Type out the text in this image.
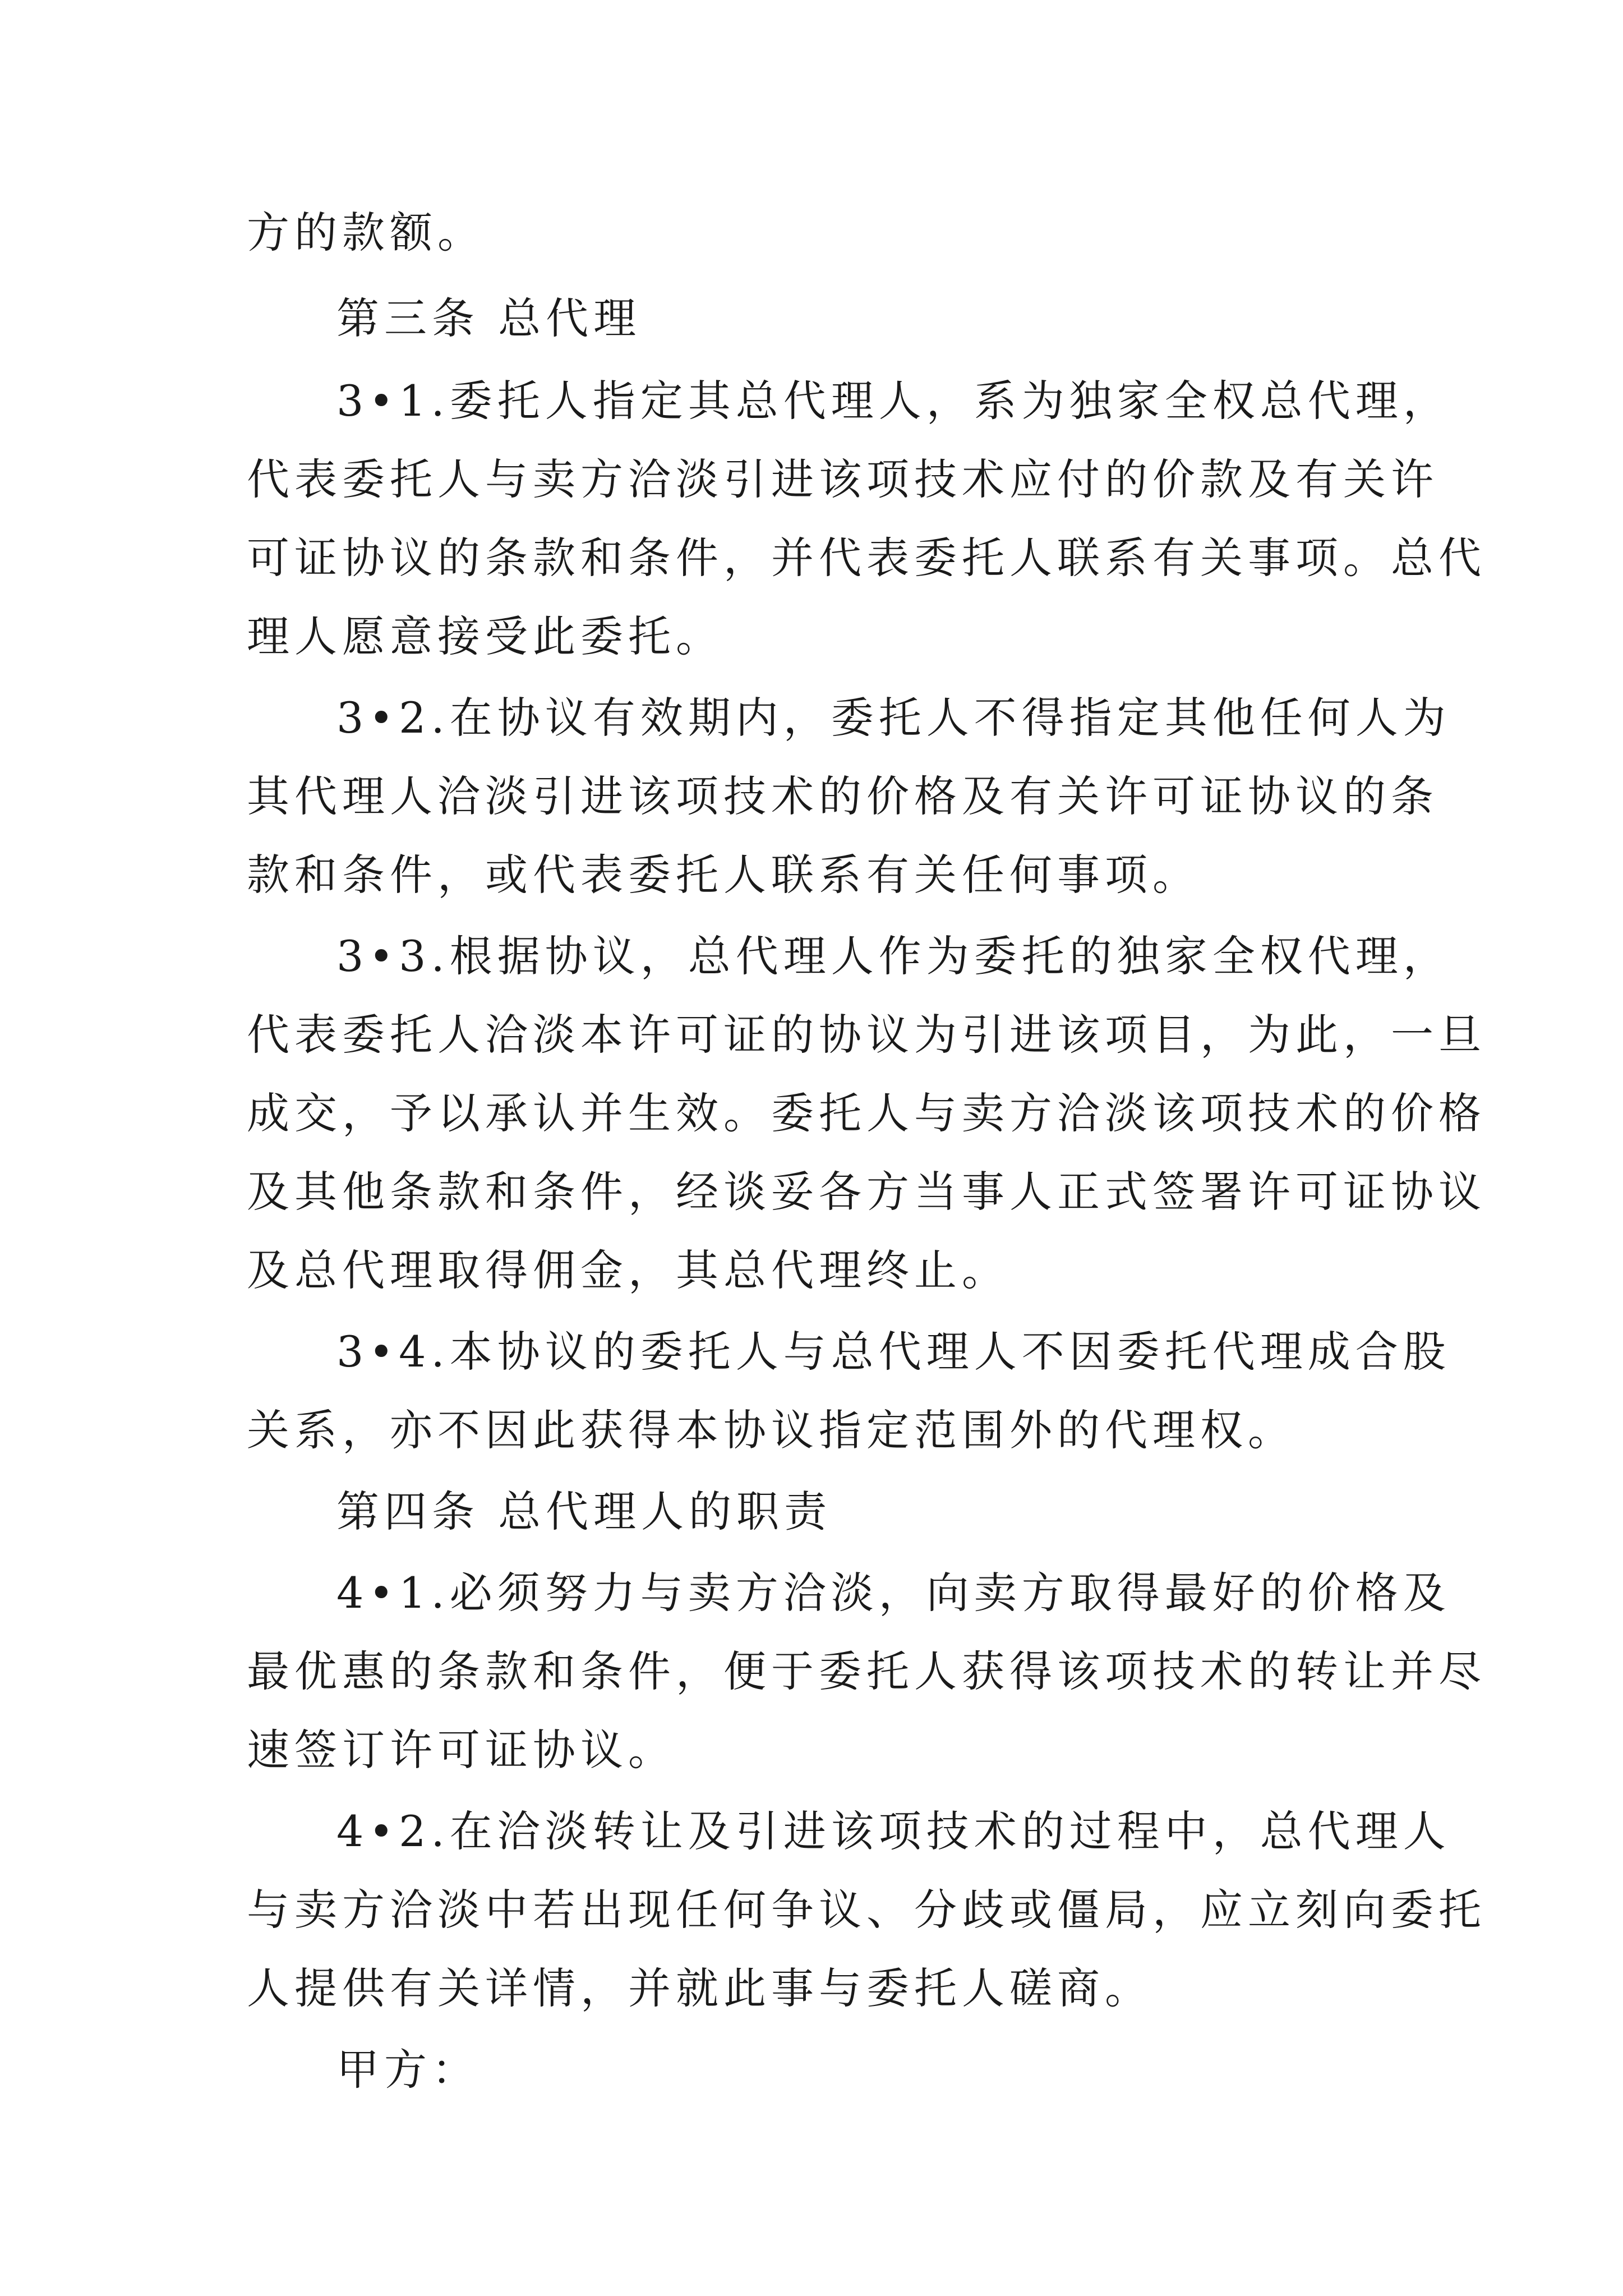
方的款额。
第三条 总代理
3•1.委托人指定其总代理人，系为独家全权总代理，
代表委托人与卖方洽淡引进该项技术应付的价款及有关许
可证协议的条款和条件，并代表委托人联系有关事项。总代
理人愿意接受此委托。
3•2.在协议有效期内，委托人不得指定其他任何人为
其代理人洽淡引进该项技术的价格及有关许可证协议的条
款和条件，或代表委托人联系有关任何事项。
3•3.根据协议，总代理人作为委托的独家全权代理，
代表委托人洽淡本许可证的协议为引进该项目，为此，一旦
成交，予以承认并生效。委托人与卖方洽淡该项技术的价格
及其他条款和条件，经谈妥各方当事人正式签署许可证协议
及总代理取得佣金，其总代理终止。
3•4.本协议的委托人与总代理人不因委托代理成合股
关系，亦不因此获得本协议指定范围外的代理权。
第四条 总代理人的职责
4•1.必须努力与卖方洽淡，向卖方取得最好的价格及
最优惠的条款和条件，便于委托人获得该项技术的转让并尽
速签订许可证协议。
4•2.在洽淡转让及引进该项技术的过程中，总代理人
与卖方洽淡中若出现任何争议、分歧或僵局，应立刻向委托
人提供有关详情，并就此事与委托人磋商。
甲方：
